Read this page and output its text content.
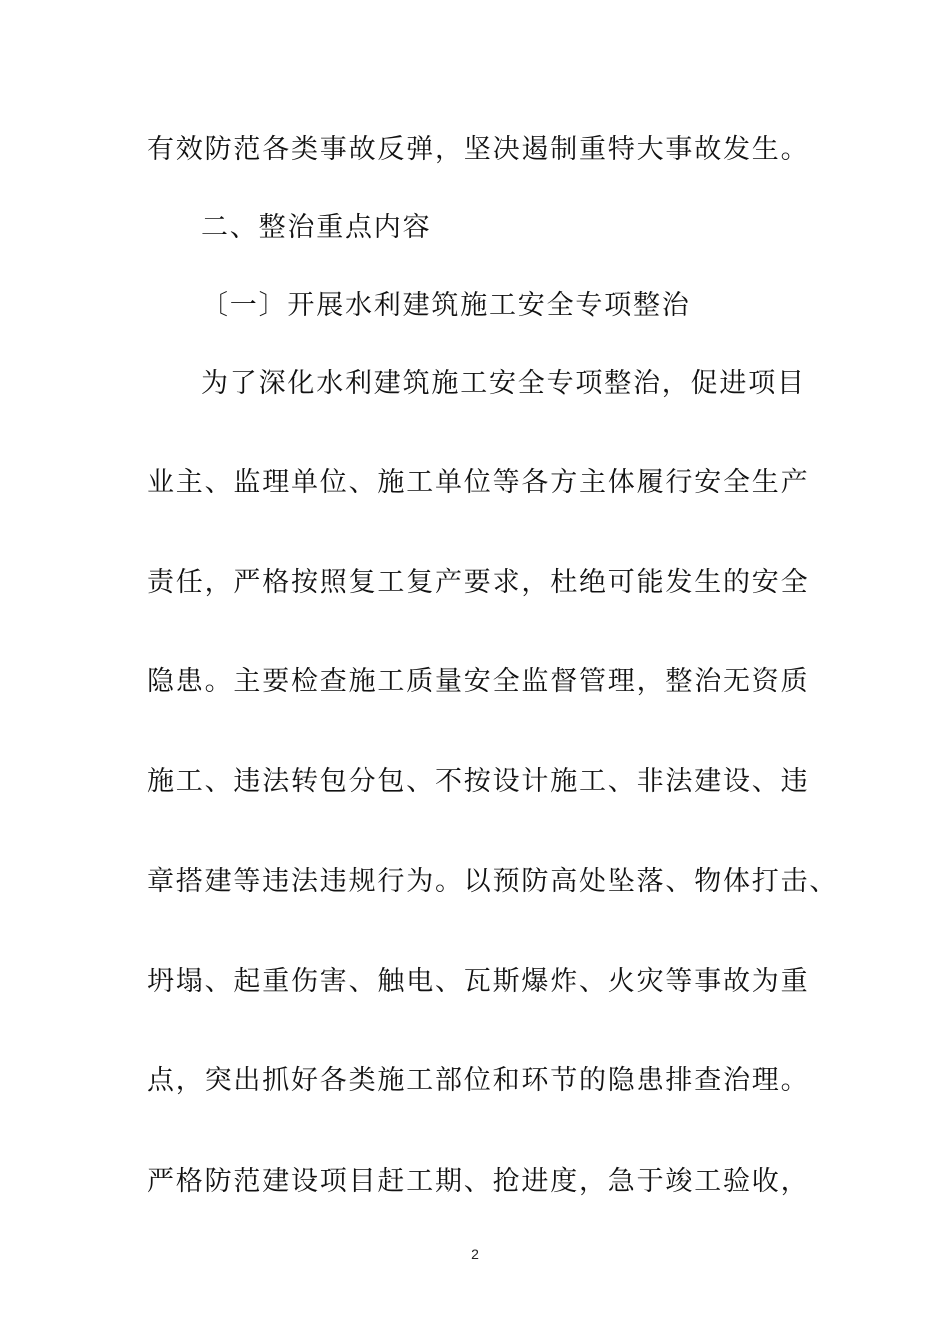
有效防范各类事故反弹，坚决遏制重特大事故发生。
二、整治重点内容
〔一〕开展水利建筑施工安全专项整治
为了深化水利建筑施工安全专项整治，促进项目
业主、监理单位、施工单位等各方主体履行安全生产
责任，严格按照复工复产要求，杜绝可能发生的安全
隐患。主要检查施工质量安全监督管理，整治无资质
施工、违法转包分包、不按设计施工、非法建设、违
章搭建等违法违规行为。以预防高处坠落、物体打击、
坍塌、起重伤害、触电、瓦斯爆炸、火灾等事故为重
点，突出抓好各类施工部位和环节的隐患排查治理。
严格防范建设项目赶工期、抢进度，急于竣工验收，
2
